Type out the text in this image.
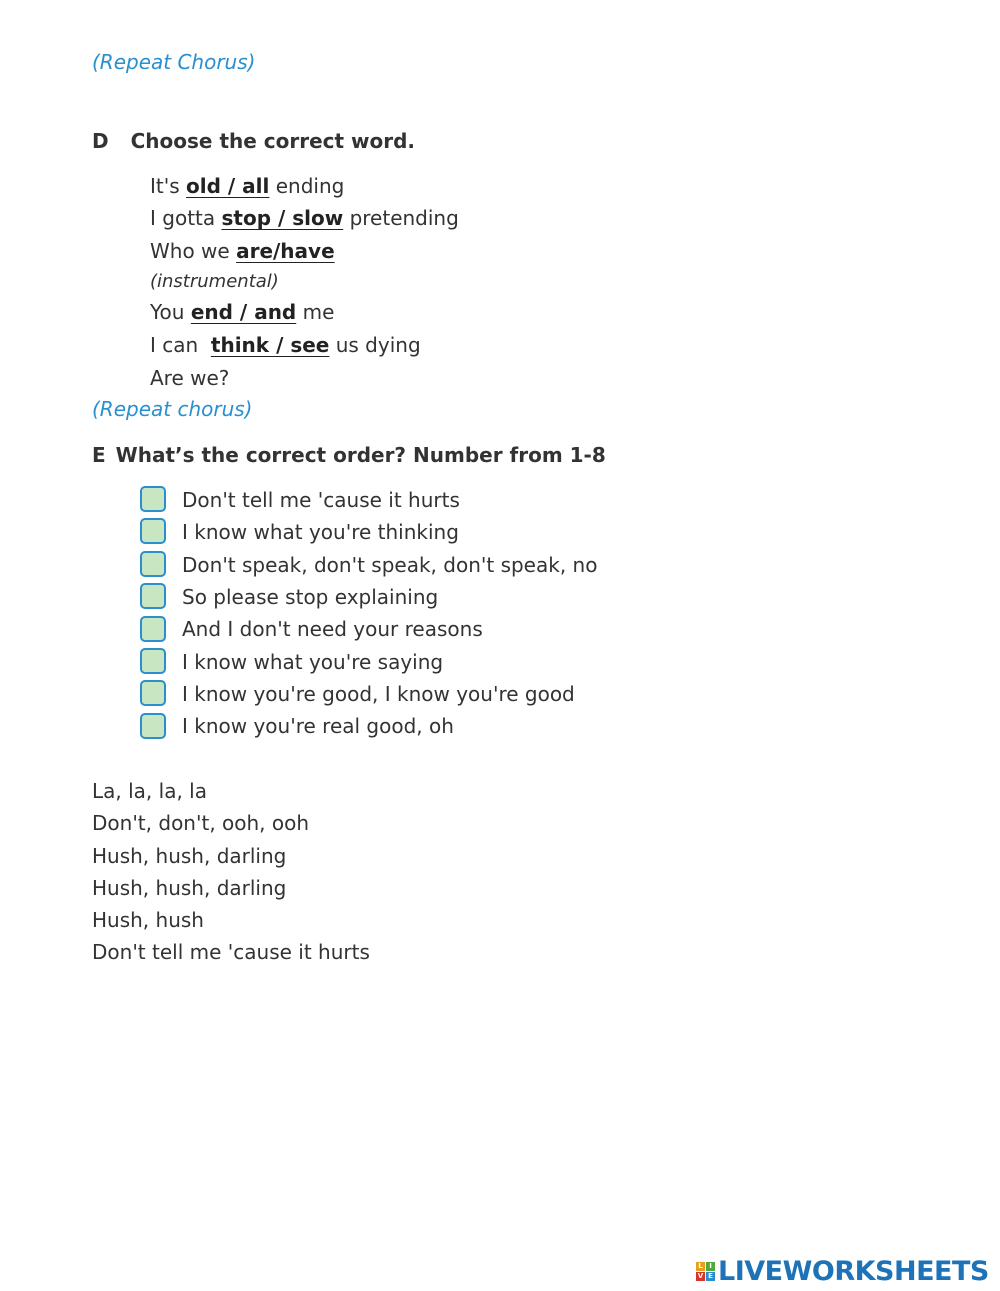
(Repeat Chorus)
D Choose the correct word.
It's old / all ending
I gotta stop / slow pretending
Who we are/have
(instrumental)
You end / and me
I can  think / see us dying
Are we?
(Repeat chorus)
E What’s the correct order? Number from 1-8
Don't tell me 'cause it hurts
I know what you're thinking
Don't speak, don't speak, don't speak, no
So please stop explaining
And I don't need your reasons
I know what you're saying
I know you're good, I know you're good
I know you're real good, oh
La, la, la, la
Don't, don't, ooh, ooh
Hush, hush, darling
Hush, hush, darling
Hush, hush
Don't tell me 'cause it hurts
L I
V E LIVEWORKSHEETS
